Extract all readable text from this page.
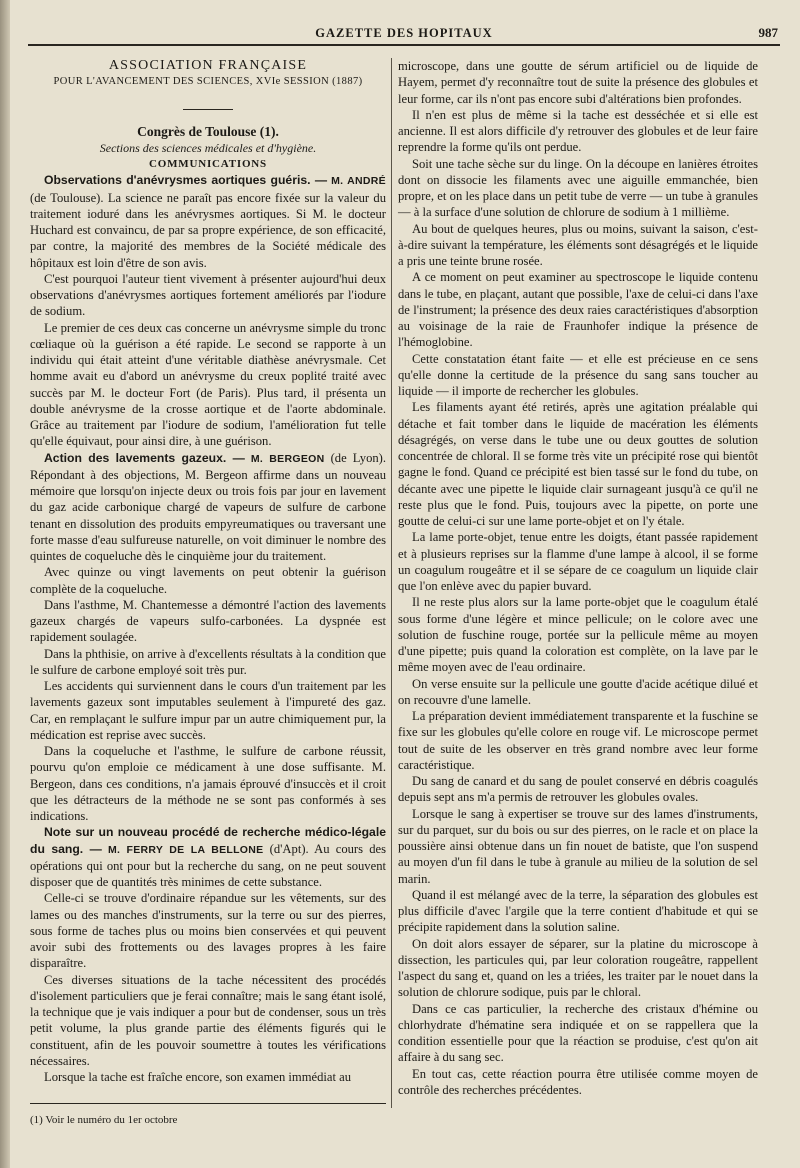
GAZETTE DES HOPITAUX	987

ASSOCIATION FRANÇAISE

POUR L'AVANCEMENT DES SCIENCES, XVIe SESSION (1887)

Congrès de Toulouse (1).

Sections des sciences médicales et d'hygiène.

COMMUNICATIONS

Observations d'anévrysmes aortiques guéris. — M. ANDRÉ (de Toulouse). La science ne paraît pas encore fixée sur la valeur du traitement ioduré dans les anévrysmes aortiques. Si M. le docteur Huchard est convaincu, de par sa propre expérience, de son efficacité, par contre, la majorité des membres de la Société médicale des hôpitaux est loin d'être de son avis.

C'est pourquoi l'auteur tient vivement à présenter aujourd'hui deux observations d'anévrysmes aortiques fortement améliorés par l'iodure de sodium.

Le premier de ces deux cas concerne un anévrysme simple du tronc cœliaque où la guérison a été rapide. Le second se rapporte à un individu qui était atteint d'une véritable diathèse anévrysmale. Cet homme avait eu d'abord un anévrysme du creux poplité traité avec succès par M. le docteur Fort (de Paris). Plus tard, il présenta un double anévrysme de la crosse aortique et de l'aorte abdominale. Grâce au traitement par l'iodure de sodium, l'amélioration fut telle qu'elle équivaut, pour ainsi dire, à une guérison.

Action des lavements gazeux. — M. BERGEON (de Lyon). Répondant à des objections, M. Bergeon affirme dans un nouveau mémoire que lorsqu'on injecte deux ou trois fois par jour en lavement du gaz acide carbonique chargé de vapeurs de sulfure de carbone tenant en dissolution des produits empyreumatiques ou traversant une forte masse d'eau sulfureuse naturelle, on voit diminuer le nombre des quintes de coqueluche dès le cinquième jour du traitement.

Avec quinze ou vingt lavements on peut obtenir la guérison complète de la coqueluche.

Dans l'asthme, M. Chantemesse a démontré l'action des lavements gazeux chargés de vapeurs sulfo-carbonées. La dyspnée est rapidement soulagée.

Dans la phthisie, on arrive à d'excellents résultats à la condition que le sulfure de carbone employé soit très pur.

Les accidents qui surviennent dans le cours d'un traitement par les lavements gazeux sont imputables seulement à l'impureté des gaz. Car, en remplaçant le sulfure impur par un autre chimiquement pur, la médication est reprise avec succès.

Dans la coqueluche et l'asthme, le sulfure de carbone réussit, pourvu qu'on emploie ce médicament à une dose suffisante. M. Bergeon, dans ces conditions, n'a jamais éprouvé d'insuccès et il croit que les détracteurs de la méthode ne se sont pas conformés à ses indications.

Note sur un nouveau procédé de recherche médico-légale du sang. — M. FERRY DE LA BELLONE (d'Apt). Au cours des opérations qui ont pour but la recherche du sang, on ne peut souvent disposer que de quantités très minimes de cette substance.

Celle-ci se trouve d'ordinaire répandue sur les vêtements, sur des lames ou des manches d'instruments, sur la terre ou sur des pierres, sous forme de taches plus ou moins bien conservées et qui peuvent avoir subi des frottements ou des lavages propres à les faire disparaître.

Ces diverses situations de la tache nécessitent des procédés d'isolement particuliers que je ferai connaître; mais le sang étant isolé, la technique que je vais indiquer a pour but de condenser, sous un très petit volume, la plus grande partie des éléments figurés qui le constituent, afin de les pouvoir soumettre à toutes les vérifications nécessaires.

Lorsque la tache est fraîche encore, son examen immédiat au

(1) Voir le numéro du 1er octobre

microscope, dans une goutte de sérum artificiel ou de liquide de Hayem, permet d'y reconnaître tout de suite la présence des globules et leur forme, car ils n'ont pas encore subi d'altérations bien profondes.

Il n'en est plus de même si la tache est desséchée et si elle est ancienne. Il est alors difficile d'y retrouver des globules et de leur faire reprendre la forme qu'ils ont perdue.

Soit une tache sèche sur du linge. On la découpe en lanières étroites dont on dissocie les filaments avec une aiguille emmanchée, bien propre, et on les place dans un petit tube de verre — un tube à granules — à la surface d'une solution de chlorure de sodium à 1 millième.

Au bout de quelques heures, plus ou moins, suivant la saison, c'est-à-dire suivant la température, les éléments sont désagrégés et le liquide a pris une teinte brune rosée.

A ce moment on peut examiner au spectroscope le liquide contenu dans le tube, en plaçant, autant que possible, l'axe de celui-ci dans l'axe de l'instrument; la présence des deux raies caractéristiques d'absorption au voisinage de la raie de Fraunhofer indique la présence de l'hémoglobine.

Cette constatation étant faite — et elle est précieuse en ce sens qu'elle donne la certitude de la présence du sang sans toucher au liquide — il importe de rechercher les globules.

Les filaments ayant été retirés, après une agitation préalable qui détache et fait tomber dans le liquide de macération les éléments désagrégés, on verse dans le tube une ou deux gouttes de solution concentrée de chloral. Il se forme très vite un précipité rose qui bientôt gagne le fond. Quand ce précipité est bien tassé sur le fond du tube, on décante avec une pipette le liquide clair surnageant jusqu'à ce qu'il ne reste plus que le fond. Puis, toujours avec la pipette, on porte une goutte de celui-ci sur une lame porte-objet et on l'y étale.

La lame porte-objet, tenue entre les doigts, étant passée rapidement et à plusieurs reprises sur la flamme d'une lampe à alcool, il se forme un coagulum rougeâtre et il se sépare de ce coagulum un liquide clair que l'on enlève avec du papier buvard.

Il ne reste plus alors sur la lame porte-objet que le coagulum étalé sous forme d'une légère et mince pellicule; on le colore avec une solution de fuschine rouge, portée sur la pellicule même au moyen d'une pipette; puis quand la coloration est complète, on la lave par le même moyen avec de l'eau ordinaire.

On verse ensuite sur la pellicule une goutte d'acide acétique dilué et on recouvre d'une lamelle.

La préparation devient immédiatement transparente et la fuschine se fixe sur les globules qu'elle colore en rouge vif. Le microscope permet tout de suite de les observer en très grand nombre avec leur forme caractéristique.

Du sang de canard et du sang de poulet conservé en débris coagulés depuis sept ans m'a permis de retrouver les globules ovales.

Lorsque le sang à expertiser se trouve sur des lames d'instruments, sur du parquet, sur du bois ou sur des pierres, on le racle et on place la poussière ainsi obtenue dans un fin nouet de batiste, que l'on suspend au moyen d'un fil dans le tube à granule au milieu de la solution de sel marin.

Quand il est mélangé avec de la terre, la séparation des globules est plus difficile d'avec l'argile que la terre contient d'habitude et qui se précipite rapidement dans la solution saline.

On doit alors essayer de séparer, sur la platine du microscope à dissection, les particules qui, par leur coloration rougeâtre, rappellent l'aspect du sang et, quand on les a triées, les traiter par le nouet dans la solution de chlorure sodique, puis par le chloral.

Dans ce cas particulier, la recherche des cristaux d'hémine ou chlorhydrate d'hématine sera indiquée et on se rappellera que la condition essentielle pour que la réaction se produise, c'est qu'on ait affaire à du sang sec.

En tout cas, cette réaction pourra être utilisée comme moyen de contrôle des recherches précédentes.
